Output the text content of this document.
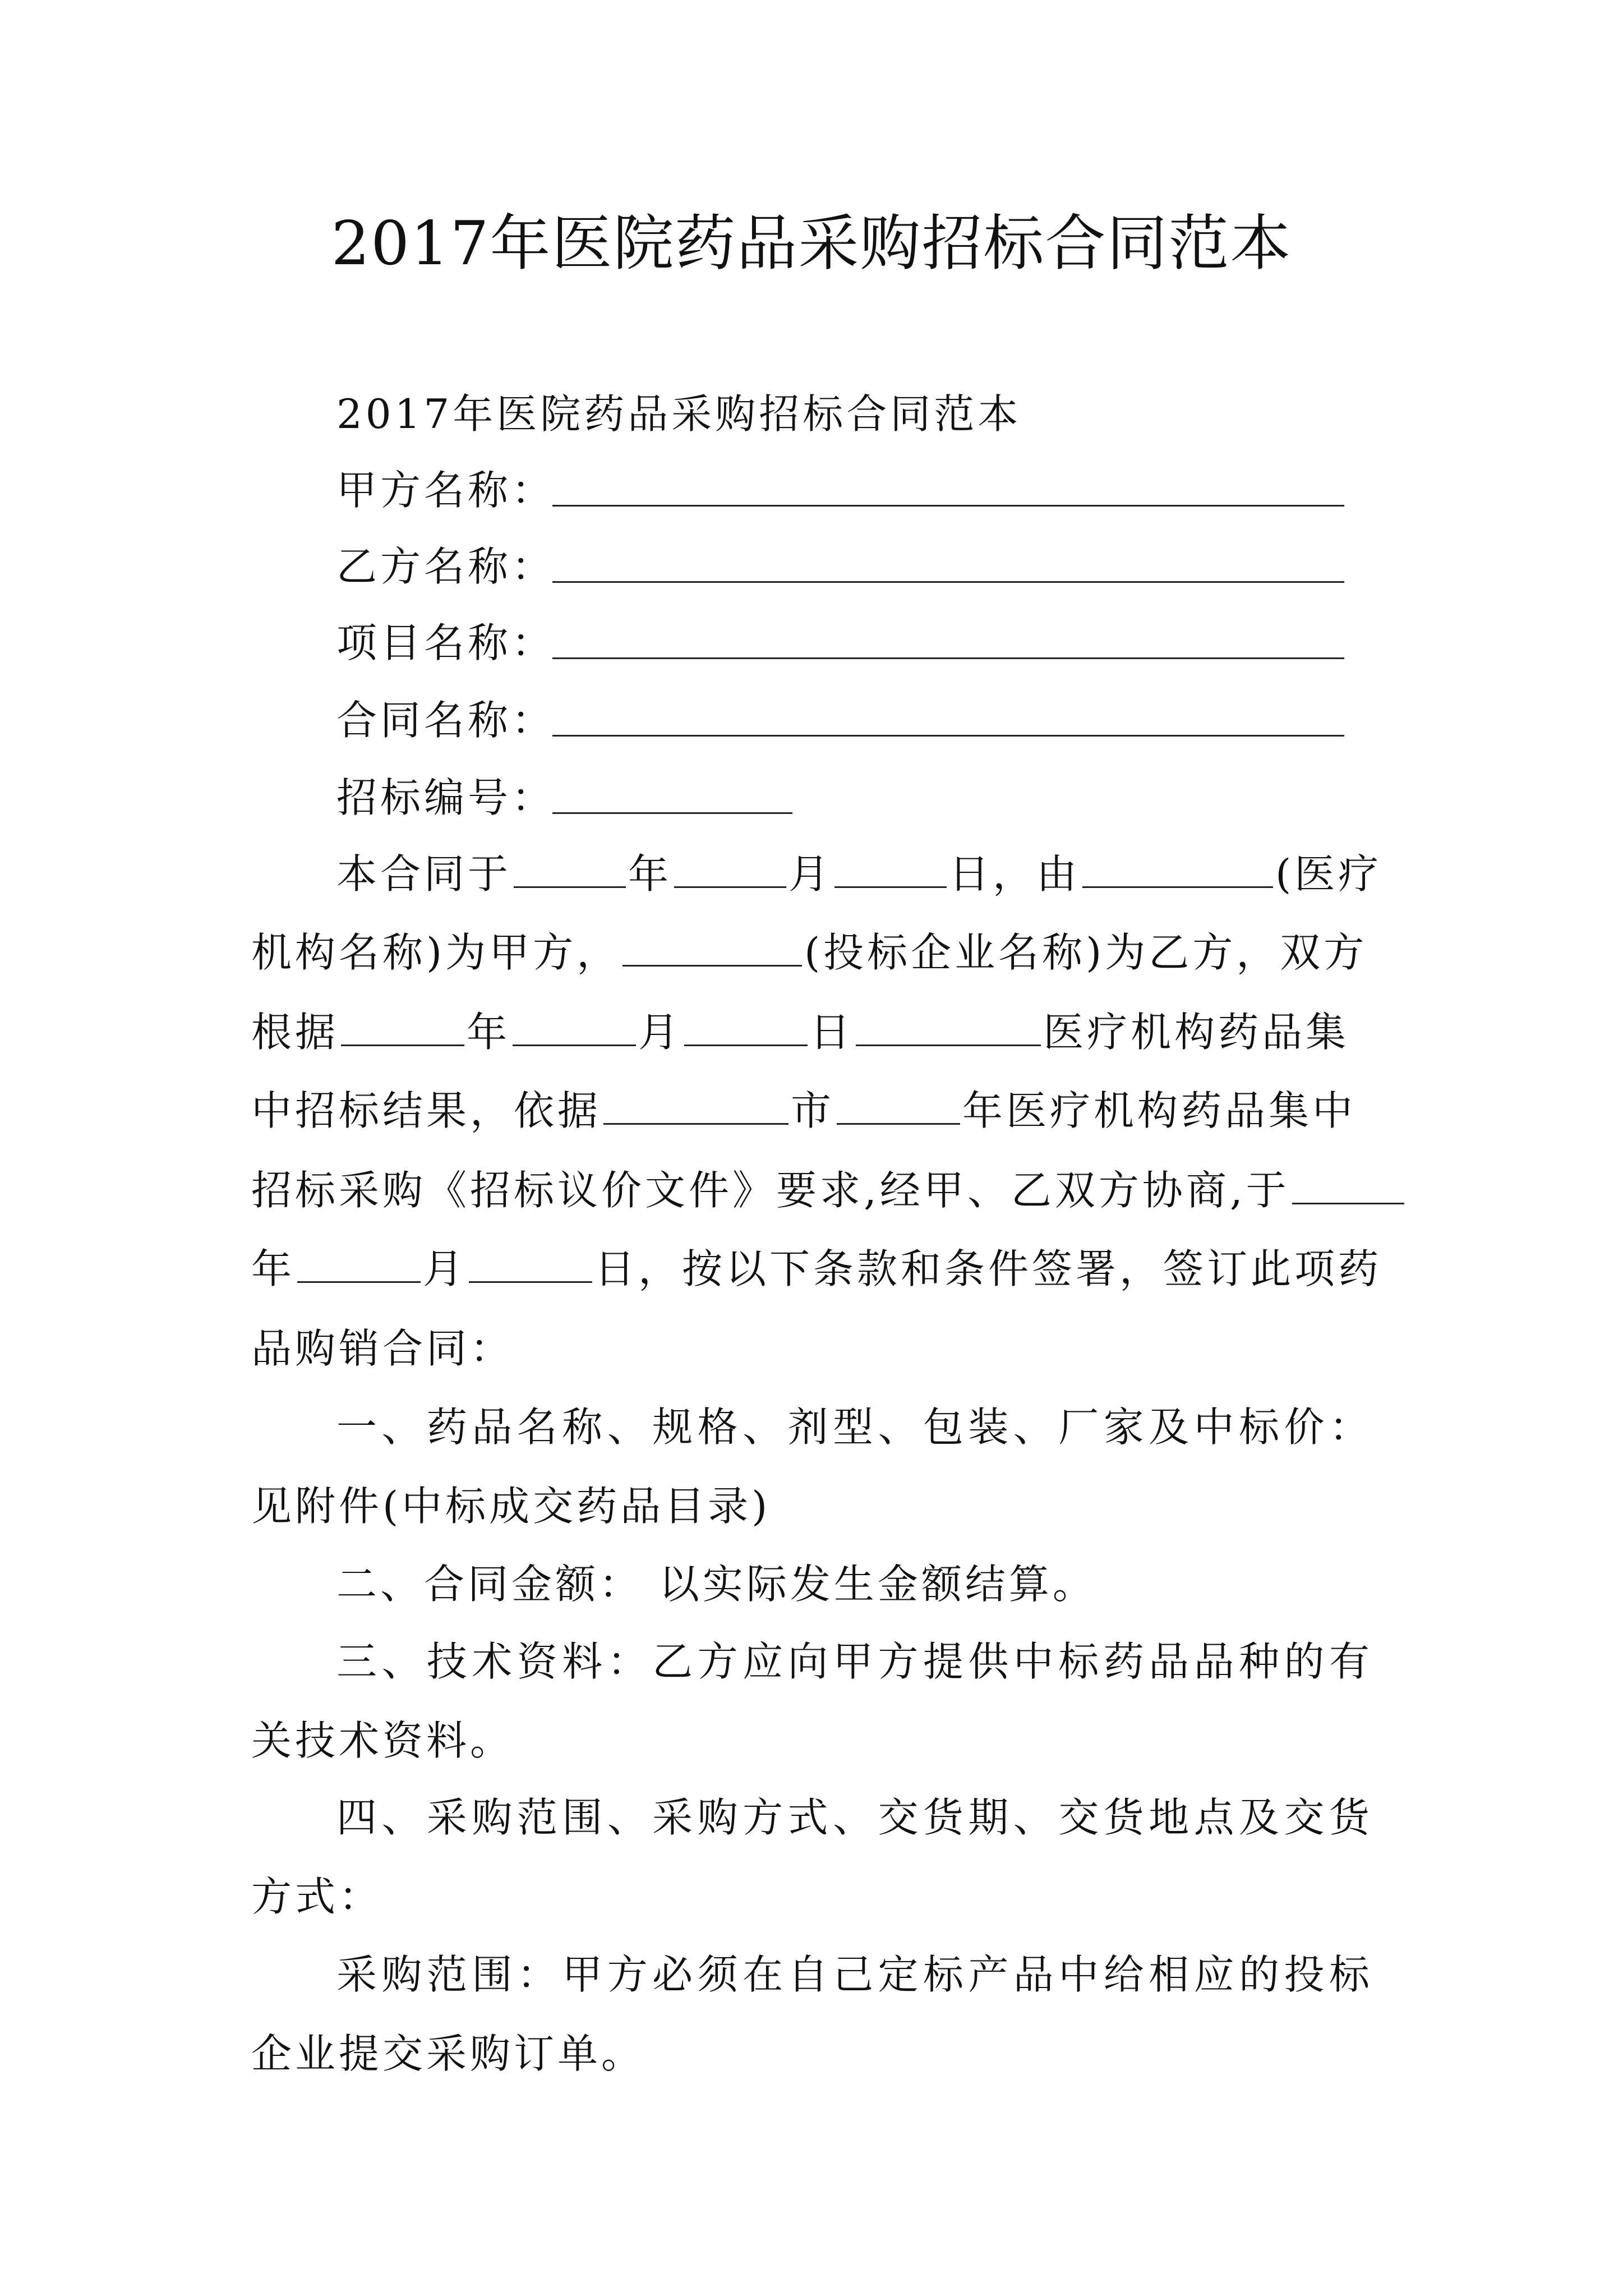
2017年医院药品采购招标合同范本
2017年医院药品采购招标合同范本
甲方名称：
乙方名称：
项目名称：
合同名称：
招标编号：
本合同于	年	月	日，由	(医疗
机构名称)为甲方，	(投标企业名称)为乙方，双方
根据	年	月	日	医疗机构药品集
中招标结果，依据	市	年医疗机构药品集中
招标采购《招标议价文件》要求,经甲、乙双方协商,于
年	月	日，按以下条款和条件签署，签订此项药
品购销合同：
一、药品名称、规格、剂型、包装、厂家及中标价：见附件(中标成交药品目录)
二、合同金额： 以实际发生金额结算。
三、技术资料：乙方应向甲方提供中标药品品种的有关技术资料。
四、采购范围、采购方式、交货期、交货地点及交货方式：
采购范围：甲方必须在自己定标产品中给相应的投标企业提交采购订单。
